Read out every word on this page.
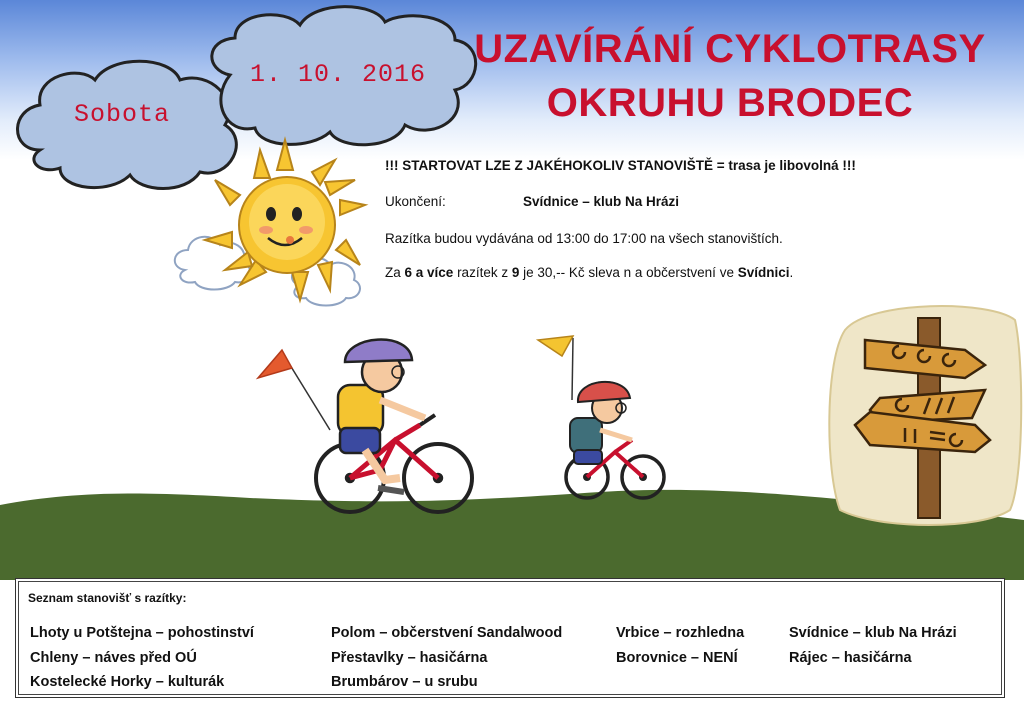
Sobota
1. 10. 2016
UZAVÍRÁNÍ CYKLOTRASY
OKRUHU BRODEC
!!! STARTOVAT LZE Z JAKÉHOKOLIV STANOVIŠTĚ = trasa je libovolná !!!
Ukončení:	Svídnice – klub Na Hrázi
Razítka budou vydávána od 13:00 do 17:00 na všech stanovištích.
Za 6 a více razítek z 9 je 30,-- Kč sleva n a občerstvení ve Svídnici.
Seznam stanovišť s razítky:
Lhoty u Potštejna – pohostinství
Chleny – náves před OÚ
Kostelecké Horky – kulturák
Polom – občerstvení Sandalwood
Přestavlky – hasičárna
Brumbárov – u srubu
Vrbice – rozhledna
Borovnice – NENÍ
Svídnice – klub Na Hrázi
Rájec – hasičárna
